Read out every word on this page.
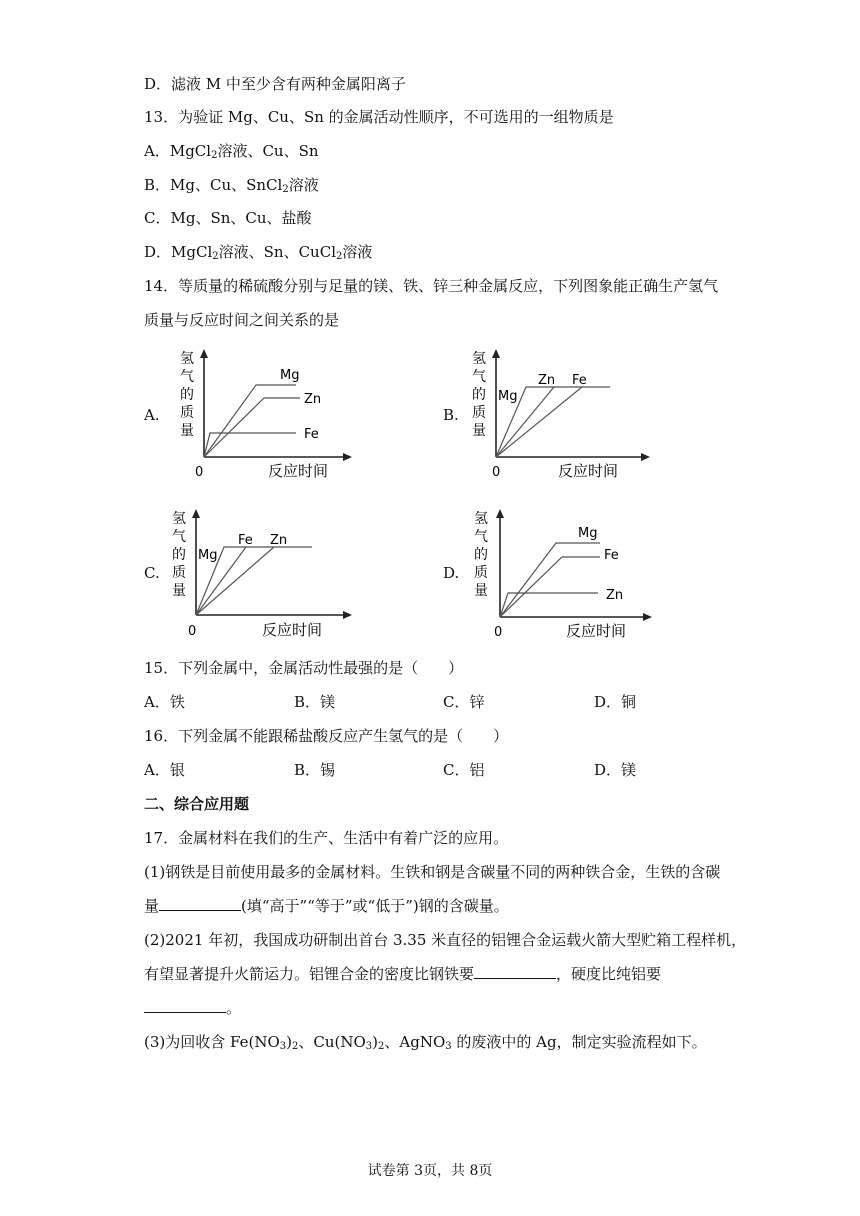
D．滤液 M 中至少含有两种金属阳离子
13．为验证 Mg、Cu、Sn 的金属活动性顺序，不可选用的一组物质是
A．MgCl$_2$溶液、Cu、Sn
B．Mg、Cu、SnCl$_2$溶液
C．Mg、Sn、Cu、盐酸
D．MgCl$_2$溶液、Sn、CuCl$_2$溶液
14．等质量的稀硫酸分别与足量的镁、铁、锌三种金属反应，下列图象能正确生产氢气
质量与反应时间之间关系的是
A.
氢
气
的
质
量
0	反应时间
Mg
Zn
Fe
B.
氢
气
的
质
量
0	反应时间
Mg
Zn Fe
C.
氢
气
的
质
量
0	反应时间
Mg
Fe Zn
D.
氢
气
的
质
量
0	反应时间
Mg
Fe
Zn
15．下列金属中，金属活动性最强的是（　　）
A．铁	B．镁	C．锌	D．铜
16．下列金属不能跟稀盐酸反应产生氢气的是（　　）
A．银	B．锡	C．铝	D．镁
二、综合应用题
17．金属材料在我们的生产、生活中有着广泛的应用。
(1)钢铁是目前使用最多的金属材料。生铁和钢是含碳量不同的两种铁合金，生铁的含碳
量	(填“高于”“等于”或“低于”)钢的含碳量。
(2)2021 年初，我国成功研制出首台 3.35 米直径的铝锂合金运载火箭大型贮箱工程样机，
有望显著提升火箭运力。铝锂合金的密度比钢铁要	，硬度比纯铝要
。
(3)为回收含 $Fe(NO_3)_2$、$Cu(NO_3)_2$、AgNO$_3$ 的废液中的 Ag，制定实验流程如下。
试卷第 3页，共 8页
